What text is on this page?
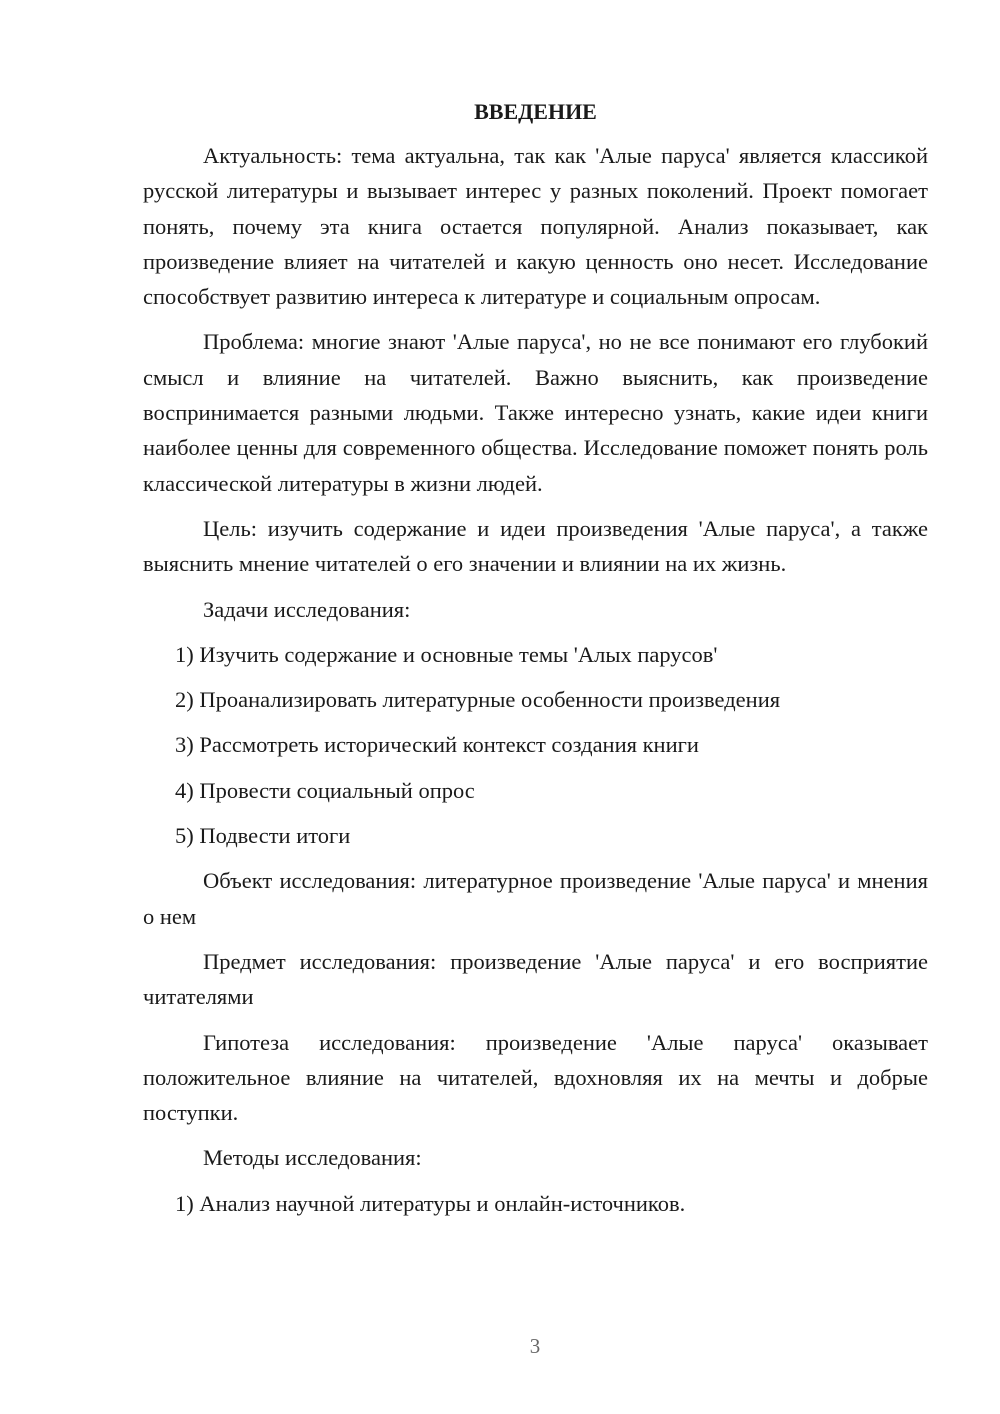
ВВЕДЕНИЕ
Актуальность: тема актуальна, так как 'Алые паруса' является классикой русской литературы и вызывает интерес у разных поколений. Проект помогает понять, почему эта книга остается популярной. Анализ показывает, как произведение влияет на читателей и какую ценность оно несет. Исследование способствует развитию интереса к литературе и социальным опросам.
Проблема: многие знают 'Алые паруса', но не все понимают его глубокий смысл и влияние на читателей. Важно выяснить, как произведение воспринимается разными людьми. Также интересно узнать, какие идеи книги наиболее ценны для современного общества. Исследование поможет понять роль классической литературы в жизни людей.
Цель: изучить содержание и идеи произведения 'Алые паруса', а также выяснить мнение читателей о его значении и влиянии на их жизнь.
Задачи исследования:
1) Изучить содержание и основные темы 'Алых парусов'
2) Проанализировать литературные особенности произведения
3) Рассмотреть исторический контекст создания книги
4) Провести социальный опрос
5) Подвести итоги
Объект исследования: литературное произведение 'Алые паруса' и мнения о нем
Предмет исследования: произведение 'Алые паруса' и его восприятие читателями
Гипотеза исследования: произведение 'Алые паруса' оказывает положительное влияние на читателей, вдохновляя их на мечты и добрые поступки.
Методы исследования:
1) Анализ научной литературы и онлайн-источников.
3
